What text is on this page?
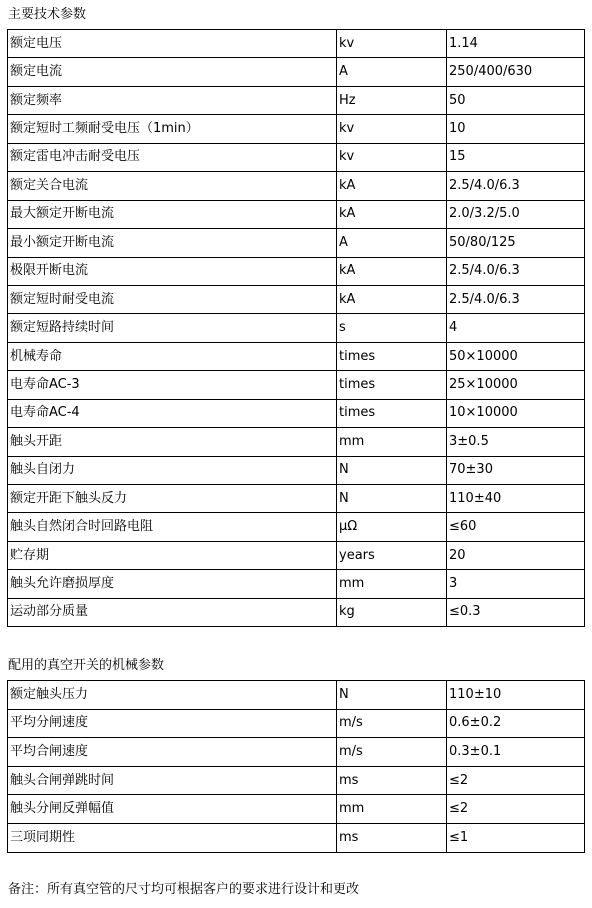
主要技术参数
额定电压	kv	1.14
额定电流	A	250/400/630
额定频率	Hz	50
额定短时工频耐受电压（1min）	kv	10
额定雷电冲击耐受电压	kv	15
额定关合电流	kA	2.5/4.0/6.3
最大额定开断电流	kA	2.0/3.2/5.0
最小额定开断电流	A	50/80/125
极限开断电流	kA	2.5/4.0/6.3
额定短时耐受电流	kA	2.5/4.0/6.3
额定短路持续时间	s	4
机械寿命	times	50×10000
电寿命AC-3	times	25×10000
电寿命AC-4	times	10×10000
触头开距	mm	3±0.5
触头自闭力	N	70±30
额定开距下触头反力	N	110±40
触头自然闭合时回路电阻	μΩ	≤60
贮存期	years	20
触头允许磨损厚度	mm	3
运动部分质量	kg	≤0.3
配用的真空开关的机械参数
额定触头压力	N	110±10
平均分闸速度	m/s	0.6±0.2
平均合闸速度	m/s	0.3±0.1
触头合闸弹跳时间	ms	≤2
触头分闸反弹幅值	mm	≤2
三项同期性	ms	≤1
备注：所有真空管的尺寸均可根据客户的要求进行设计和更改
